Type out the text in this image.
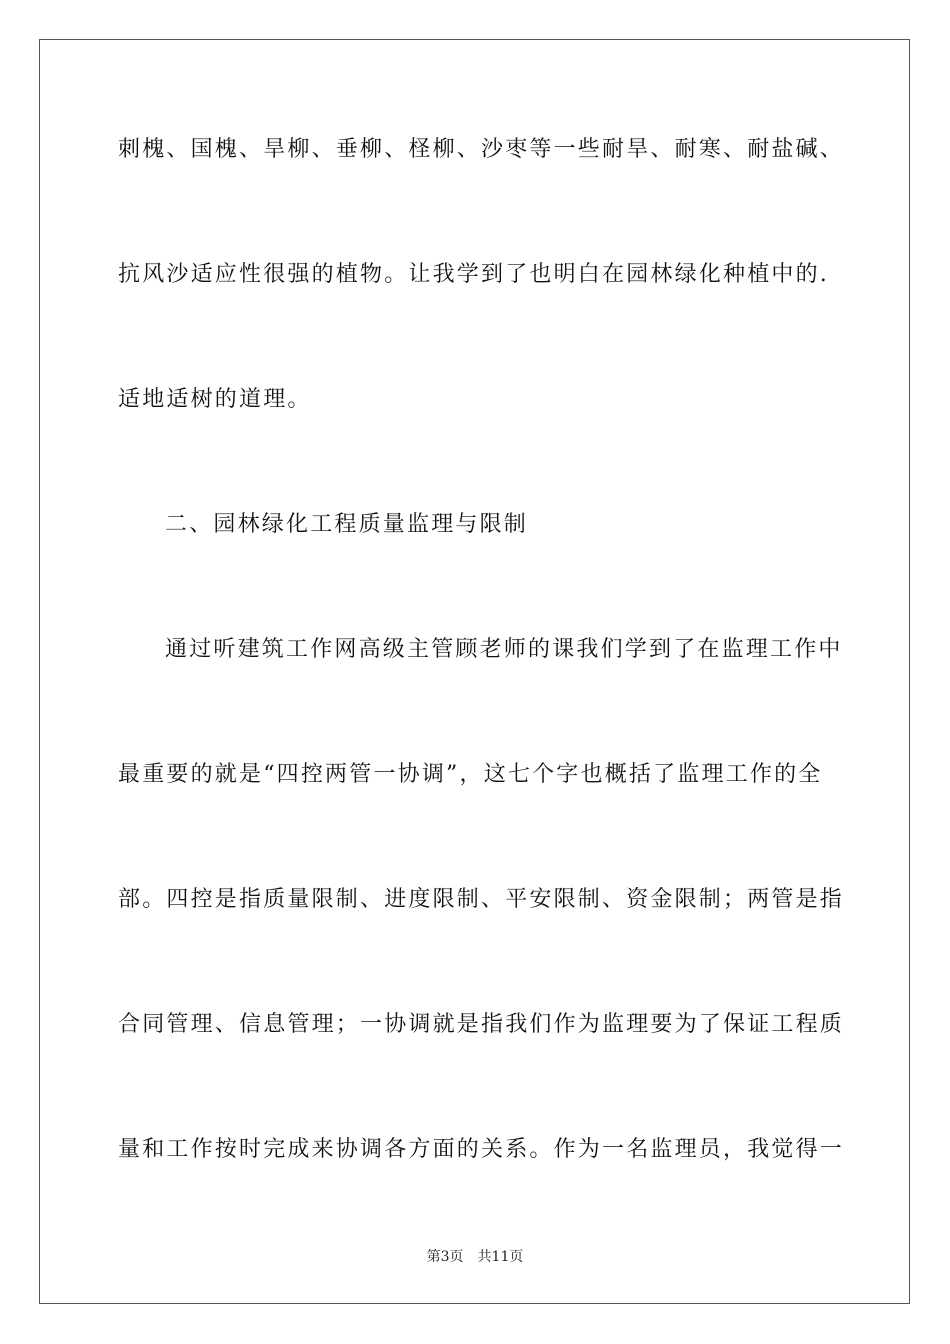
刺槐、国槐、旱柳、垂柳、柽柳、沙枣等一些耐旱、耐寒、耐盐碱、
抗风沙适应性很强的植物。让我学到了也明白在园林绿化种植中的.
适地适树的道理。
二、园林绿化工程质量监理与限制
通过听建筑工作网高级主管顾老师的课我们学到了在监理工作中
最重要的就是“四控两管一协调”，这七个字也概括了监理工作的全
部。四控是指质量限制、进度限制、平安限制、资金限制；两管是指
合同管理、信息管理；一协调就是指我们作为监理要为了保证工程质
量和工作按时完成来协调各方面的关系。作为一名监理员，我觉得一
第3页 共11页
